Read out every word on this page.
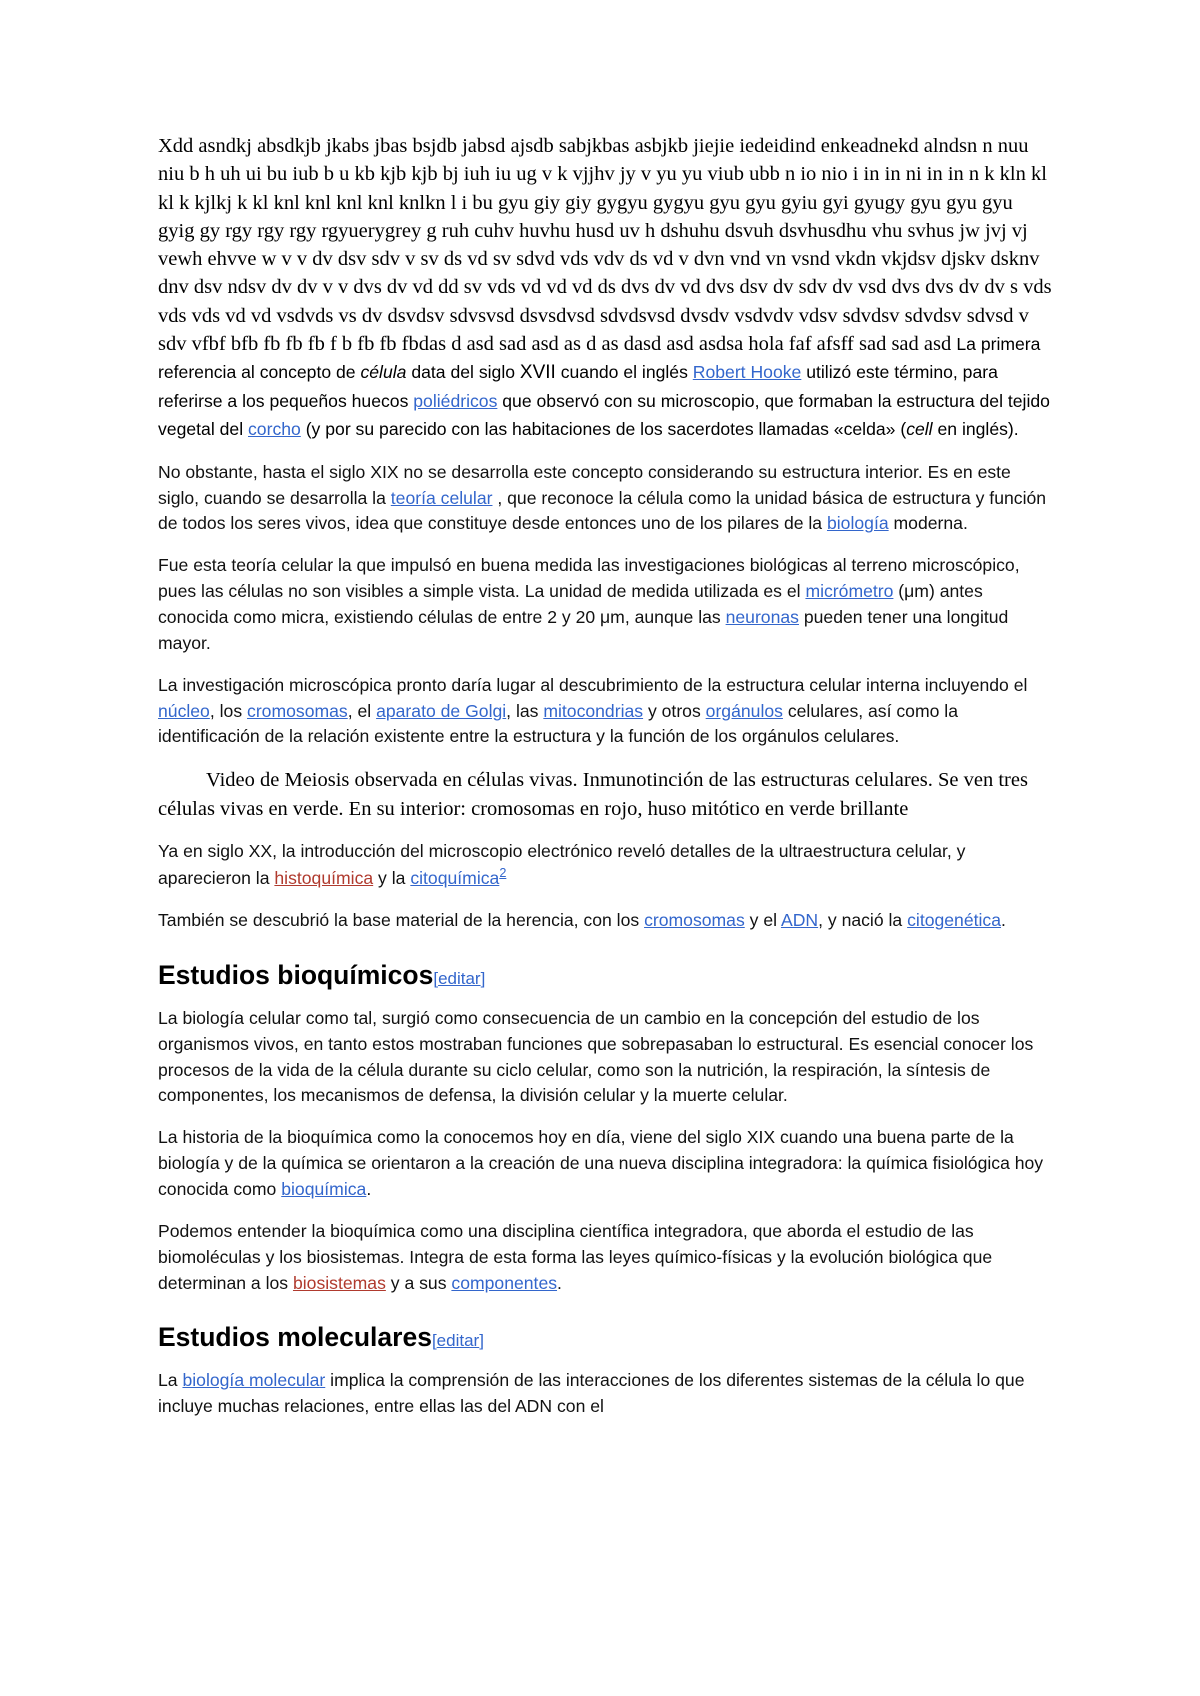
Xdd asndkj absdkjb jkabs jbas bsjdb jabsd ajsdb sabjkbas asbjkb jiejie iedeidind enkeadnekd alndsn n nuu niu b h uh ui bu iub b u kb kjb kjb bj iuh iu ug v k vjjhv jy v yu yu viub ubb n io nio i in in ni in in n k kln kl kl k kjlkj k kl knl knl knl knl knlkn l i bu gyu giy giy gygyu gygyu gyu gyu gyiu gyi gyugy gyu gyu gyu gyig gy rgy rgy rgy rgyuerygrey g ruh cuhv huvhu husd uv h dshuhu dsvuh dsvhusdhu vhu svhus jw jvj vj vewh ehvve w v v dv dsv sdv v sv ds vd sv sdvd vds vdv ds vd v dvn vnd vn vsnd vkdn vkjdsv djskv dsknv dnv dsv ndsv dv dv v v dvs dv vd dd sv vds vd vd vd ds dvs dv vd dvs dsv dv sdv dv vsd dvs dvs dv dv s vds vds vds vd vd vsdvds vs dv dsvdsv sdvsvsd dsvsdvsd sdvdsvsd dvsdv vsdvdv vdsv sdvdsv sdvdsv sdvsd v sdv vfbf bfb fb fb fb f b fb fb fbdas d asd sad asd as d as dasd asd asdsa hola faf afsff sad sad asd La primera referencia al concepto de célula data del siglo XVII cuando el inglés Robert Hooke utilizó este término, para referirse a los pequeños huecos poliédricos que observó con su microscopio, que formaban la estructura del tejido vegetal del corcho (y por su parecido con las habitaciones de los sacerdotes llamadas «celda» (cell en inglés).

No obstante, hasta el siglo XIX no se desarrolla este concepto considerando su estructura interior. Es en este siglo, cuando se desarrolla la teoría celular , que reconoce la célula como la unidad básica de estructura y función de todos los seres vivos, idea que constituye desde entonces uno de los pilares de la biología moderna.

Fue esta teoría celular la que impulsó en buena medida las investigaciones biológicas al terreno microscópico, pues las células no son visibles a simple vista. La unidad de medida utilizada es el micrómetro (μm) antes conocida como micra, existiendo células de entre 2 y 20 μm, aunque las neuronas pueden tener una longitud mayor.

La investigación microscópica pronto daría lugar al descubrimiento de la estructura celular interna incluyendo el núcleo, los cromosomas, el aparato de Golgi, las mitocondrias y otros orgánulos celulares, así como la identificación de la relación existente entre la estructura y la función de los orgánulos celulares.

Video de Meiosis observada en células vivas. Inmunotinción de las estructuras celulares. Se ven tres células vivas en verde. En su interior: cromosomas en rojo, huso mitótico en verde brillante

Ya en siglo XX, la introducción del microscopio electrónico reveló detalles de la ultraestructura celular, y aparecieron la histoquímica y la citoquímica$^2$

También se descubrió la base material de la herencia, con los cromosomas y el ADN, y nació la citogenética.

Estudios bioquímicos[editar]

La biología celular como tal, surgió como consecuencia de un cambio en la concepción del estudio de los organismos vivos, en tanto estos mostraban funciones que sobrepasaban lo estructural. Es esencial conocer los procesos de la vida de la célula durante su ciclo celular, como son la nutrición, la respiración, la síntesis de componentes, los mecanismos de defensa, la división celular y la muerte celular.

La historia de la bioquímica como la conocemos hoy en día, viene del siglo XIX cuando una buena parte de la biología y de la química se orientaron a la creación de una nueva disciplina integradora: la química fisiológica hoy conocida como bioquímica.

Podemos entender la bioquímica como una disciplina científica integradora, que aborda el estudio de las biomoléculas y los biosistemas. Integra de esta forma las leyes químico-físicas y la evolución biológica que determinan a los biosistemas y a sus componentes.

Estudios moleculares[editar]

La biología molecular implica la comprensión de las interacciones de los diferentes sistemas de la célula lo que incluye muchas relaciones, entre ellas las del ADN con el
